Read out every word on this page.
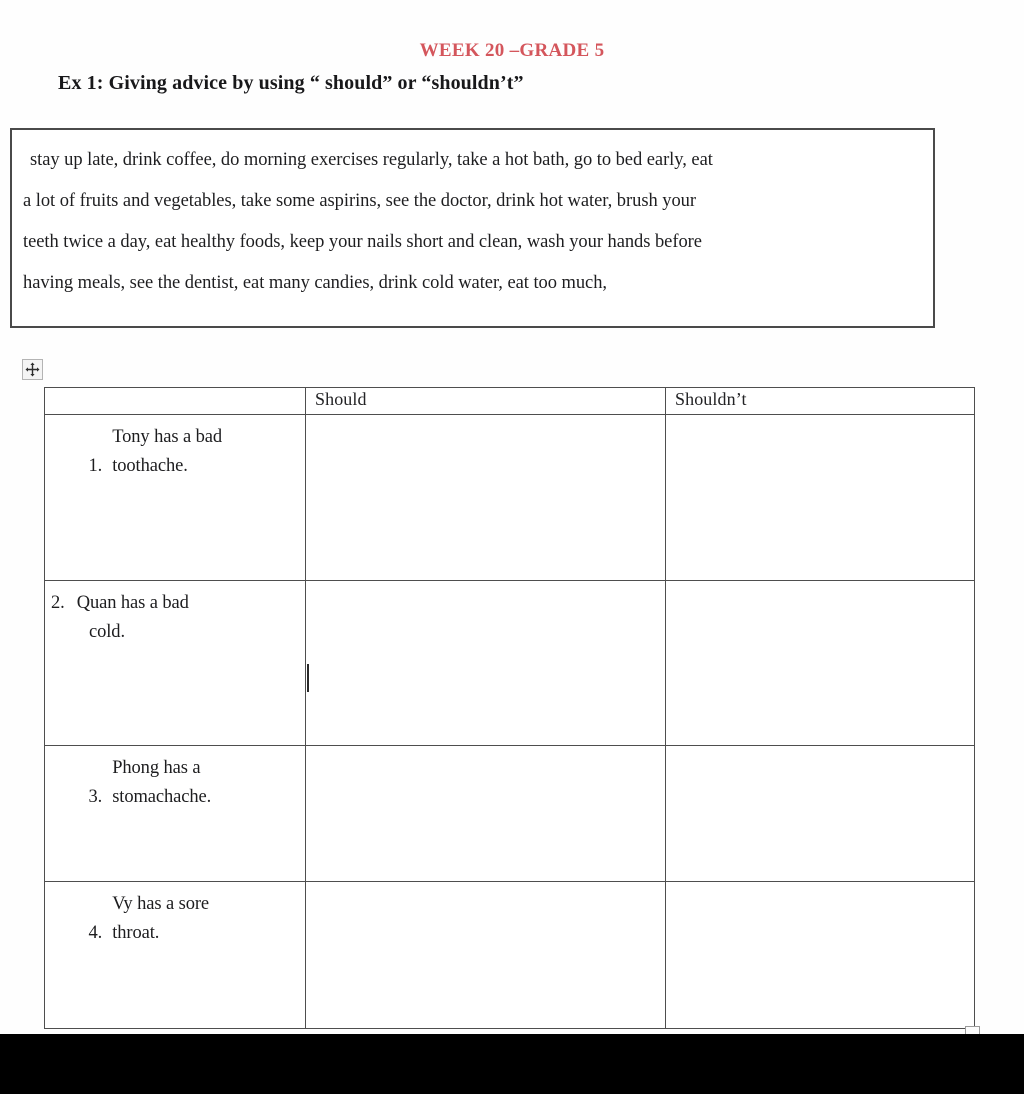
WEEK 20 –GRADE 5
Ex 1: Giving advice by using “ should” or “shouldn’t”
stay up late, drink coffee, do morning exercises regularly, take a hot bath, go to bed early, eat
a lot of fruits and vegetables, take some aspirins, see the doctor, drink hot water, brush your
teeth twice a day, eat healthy foods, keep your nails short and clean, wash your hands before
having meals, see the dentist, eat many candies, drink cold water, eat too much,

	Should	Shouldn’t

1.Tony has a bad
toothache.		

2. Quan has a bad
cold.		

3.Phong has a
stomachache.		

4.Vy has a sore
throat.		
